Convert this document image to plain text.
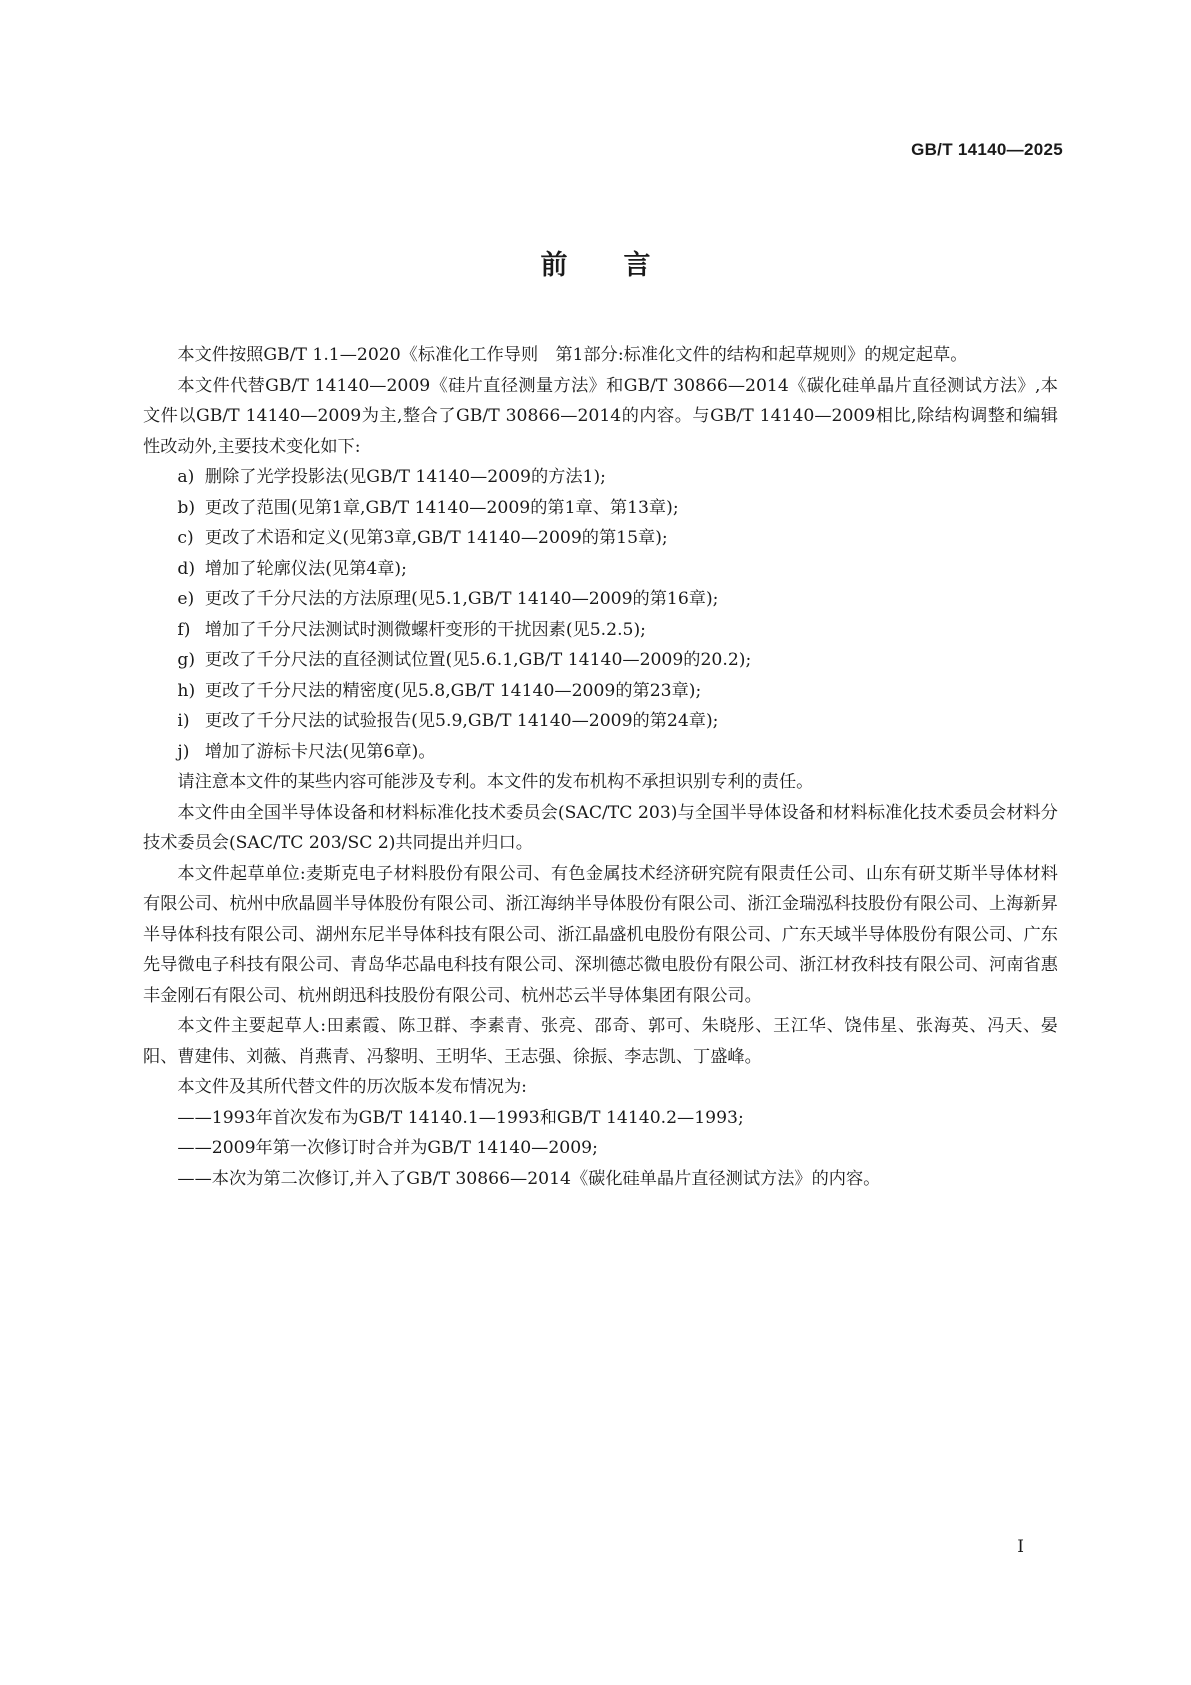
GB/T 14140—2025
前言

本文件按照GB/T 1.1—2020《标准化工作导则　第1部分:标准化文件的结构和起草规则》的规定起草。

本文件代替GB/T 14140—2009《硅片直径测量方法》和GB/T 30866—2014《碳化硅单晶片直径测试方法》,本文件以GB/T 14140—2009为主,整合了GB/T 30866—2014的内容。与GB/T 14140—2009相比,除结构调整和编辑性改动外,主要技术变化如下:

a) 删除了光学投影法(见GB/T 14140—2009的方法1);
b) 更改了范围(见第1章,GB/T 14140—2009的第1章、第13章);
c) 更改了术语和定义(见第3章,GB/T 14140—2009的第15章);
d) 增加了轮廓仪法(见第4章);
e) 更改了千分尺法的方法原理(见5.1,GB/T 14140—2009的第16章);
f) 增加了千分尺法测试时测微螺杆变形的干扰因素(见5.2.5);
g) 更改了千分尺法的直径测试位置(见5.6.1,GB/T 14140—2009的20.2);
h) 更改了千分尺法的精密度(见5.8,GB/T 14140—2009的第23章);
i) 更改了千分尺法的试验报告(见5.9,GB/T 14140—2009的第24章);
j) 增加了游标卡尺法(见第6章)。

请注意本文件的某些内容可能涉及专利。本文件的发布机构不承担识别专利的责任。

本文件由全国半导体设备和材料标准化技术委员会(SAC/TC 203)与全国半导体设备和材料标准化技术委员会材料分技术委员会(SAC/TC 203/SC 2)共同提出并归口。

本文件起草单位:麦斯克电子材料股份有限公司、有色金属技术经济研究院有限责任公司、山东有研艾斯半导体材料有限公司、杭州中欣晶圆半导体股份有限公司、浙江海纳半导体股份有限公司、浙江金瑞泓科技股份有限公司、上海新昇半导体科技有限公司、湖州东尼半导体科技有限公司、浙江晶盛机电股份有限公司、广东天域半导体股份有限公司、广东先导微电子科技有限公司、青岛华芯晶电科技有限公司、深圳德芯微电股份有限公司、浙江材孜科技有限公司、河南省惠丰金刚石有限公司、杭州朗迅科技股份有限公司、杭州芯云半导体集团有限公司。

本文件主要起草人:田素霞、陈卫群、李素青、张亮、邵奇、郭可、朱晓彤、王江华、饶伟星、张海英、冯天、晏阳、曹建伟、刘薇、肖燕青、冯黎明、王明华、王志强、徐振、李志凯、丁盛峰。

本文件及其所代替文件的历次版本发布情况为:

——1993年首次发布为GB/T 14140.1—1993和GB/T 14140.2—1993;
——2009年第一次修订时合并为GB/T 14140—2009;
——本次为第二次修订,并入了GB/T 30866—2014《碳化硅单晶片直径测试方法》的内容。
I
